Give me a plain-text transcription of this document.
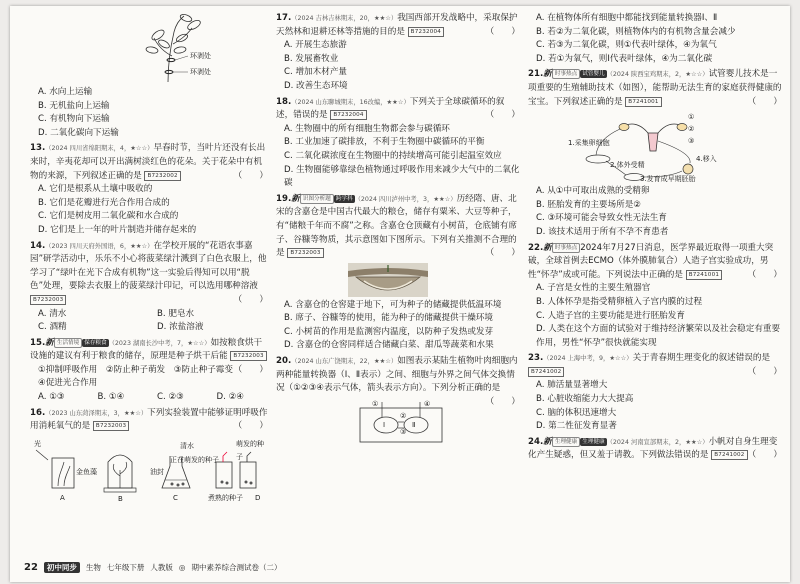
环剥处
环剥处
A. 水向上运输
B. 无机盐向上运输
C. 有机物向下运输
D. 二氧化碳向下运输
13.（2024 四川省绵阳期末，4，★☆☆）早春时节，当叶片还没有长出来时，辛夷花却可以开出满树淡红色的花朵。关于花朵中有机物的来源，下列叙述正确的是 B7232002	（　　）
A. 它们是根系从土壤中吸收的
B. 它们是花瓣进行光合作用合成的
C. 它们是树皮用二氧化碳和水合成的
D. 它们是上一年的叶片制造并储存起来的
14.（2023 四川天府外国语，6，★★☆）在学校开展的“花语农事嘉园”研学活动中，乐乐不小心将菠菜绿汁溅到了白色衣服上，他学习了“绿叶在光下合成有机物”这一实验后得知可以用“脱色”处理，要除去衣服上的菠菜绿汁印记，可以选用哪种溶液 B7232003	（　　）
A. 清水	B. 肥皂水
C. 酒精	D. 浓盐溶液
15.新 生活情境 保存粮食 （2023 湖南长沙中考，7，★☆☆）如按粮食烘干设施的建议有利于粮食的储存，原理是种子烘干后能 B7232003
（　　）
①抑制呼吸作用　②防止种子萌发　③防止种子霉变
④促进光合作用
A. ①③	B. ①④	C. ②③	D. ②④
16.（2023 山东菏泽期末，3，★★☆）下列实验装置中能够证明呼吸作用消耗氧气的是 B7232003	（　　）
光
金鱼藻
清水
油封
正在萌发的种子
萌发的种子
煮熟的种子
A	B	C	D
17.（2024 吉林吉林期末，20，★★☆）我国西部开发战略中，采取保护天然林和退耕还林等措施的目的是 B7232004	（　　）
A. 开展生态旅游
B. 发展畜牧业
C. 增加木材产量
D. 改善生态环境
18.（2024 山东聊城期末，16改编，★★☆）下列关于全球碳循环的叙述，错误的是 B7232004	（　　）
A. 生物圈中的所有细胞生物都会参与碳循环
B. 工业加速了碳排放，不利于生物圈中碳循环的平衡
C. 二氧化碳浓度在生物圈中的持续增高可能引起温室效应
D. 生物圈能够靠绿色植物通过呼吸作用来减少大气中的二氧化碳
19.新 识图分析题 跨学科 （2024 四川泸州中考，3，★★☆）历经隋、唐、北宋的含嘉仓是中国古代最大的粮仓，储存有粟米、大豆等种子，有“储粮千年而不腐”之称。含嘉仓仓顶藏有小树苗，仓底铺有席子、谷糠等物质，其示意图如下图所示。下列有关推测不合理的是 B7232003	（　　）
A. 含嘉仓的仓窖建于地下，可为种子的储藏提供低温环境
B. 席子、谷糠等的使用，能为种子的储藏提供干燥环境
C. 小树苗的作用是监测窖内温度，以防种子发热或发芽
D. 含嘉仓的仓窖同样适合储藏白菜、甜瓜等蔬菜和水果
20.（2024 山东广饶期末，22，★★☆）如图表示某陆生植物叶肉细胞内两种能量转换器（Ⅰ、Ⅱ表示）之间、细胞与外界之间气体交换情况（①②③④表示气体，箭头表示方向）。下列分析正确的是
（　　）
①
②
③
④
Ⅰ	Ⅱ
A. 在植物体所有细胞中都能找到能量转换器Ⅰ、Ⅱ
B. 若②为二氧化碳，则植物体内的有机物含量会减少
C. 若③为二氧化碳，则①代表叶绿体，④为氧气
D. 若①为氧气，则Ⅰ代表叶绿体，④为二氧化碳
21.新 时事热点 试管婴儿 （2024 陕西宝鸡期末，2，★☆☆）试管婴儿技术是一项重要的生殖辅助技术（如图），能帮助无法生育的家庭获得健康的宝宝。下列叙述正确的是 B7241001	（　　）
①
②
③
1.采集卵细胞
2.体外受精
3.发育成早期胚胎
4.移入
A. 从①中可取出成熟的受精卵
B. 胚胎发育的主要场所是②
C. ③环境可能会导致女性无法生育
D. 该技术适用于所有不孕不育患者
22.新 时事热点 2024年7月27日消息，医学界最近取得一项重大突破，全球首例去ECMO（体外膜肺氧合）人造子宫实验成功，男性“怀孕”成或可能。下列说法中正确的是 B7241001	（　　）
A. 子宫是女性的主要生殖器官
B. 人体怀孕是指受精卵植入子宫内膜的过程
C. 人造子宫的主要功能是进行胚胎发育
D. 人类在这个方面的试验对于维持经济繁荣以及社会稳定有重要作用，男性“怀孕”很快就能实现
23.（2024 上海中考，9，★☆☆）关于青春期生理变化的叙述错误的是 B7241002	（　　）
A. 肺活量显著增大
B. 心脏收缩能力大大提高
C. 脑的体积迅速增大
D. 第二性征发育显著
24.新 生理健康 生理健康 （2024 河南宣部期末，2，★★☆）小帆对自身生理变化产生疑惑，但又羞于请教。下列做法错误的是 B7241002 （　　）
22	初中同步	生物 七年级下册 人教版 ◎ 期中素养综合测试卷（二）
